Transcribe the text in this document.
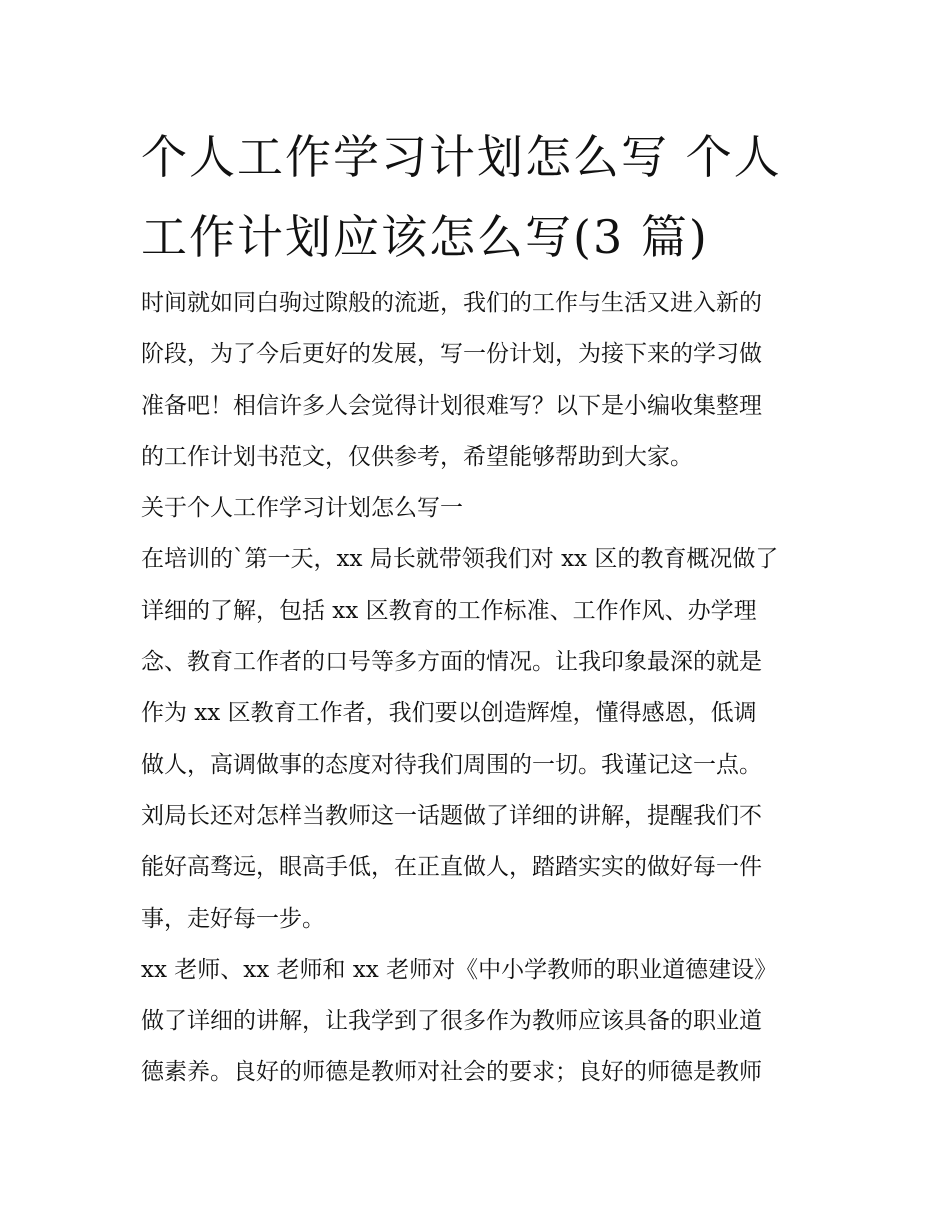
个人工作学习计划怎么写 个人
工作计划应该怎么写(3 篇)
时间就如同白驹过隙般的流逝，我们的工作与生活又进入新的
阶段，为了今后更好的发展，写一份计划，为接下来的学习做
准备吧！相信许多人会觉得计划很难写？以下是小编收集整理
的工作计划书范文，仅供参考，希望能够帮助到大家。
关于个人工作学习计划怎么写一
在培训的`第一天，xx 局长就带领我们对 xx 区的教育概况做了
详细的了解，包括 xx 区教育的工作标准、工作作风、办学理
念、教育工作者的口号等多方面的情况。让我印象最深的就是
作为 xx 区教育工作者，我们要以创造辉煌，懂得感恩，低调
做人，高调做事的态度对待我们周围的一切。我谨记这一点。
刘局长还对怎样当教师这一话题做了详细的讲解，提醒我们不
能好高骛远，眼高手低，在正直做人，踏踏实实的做好每一件
事，走好每一步。
xx 老师、xx 老师和 xx 老师对《中小学教师的职业道德建设》
做了详细的讲解，让我学到了很多作为教师应该具备的职业道
德素养。良好的师德是教师对社会的要求；良好的师德是教师
